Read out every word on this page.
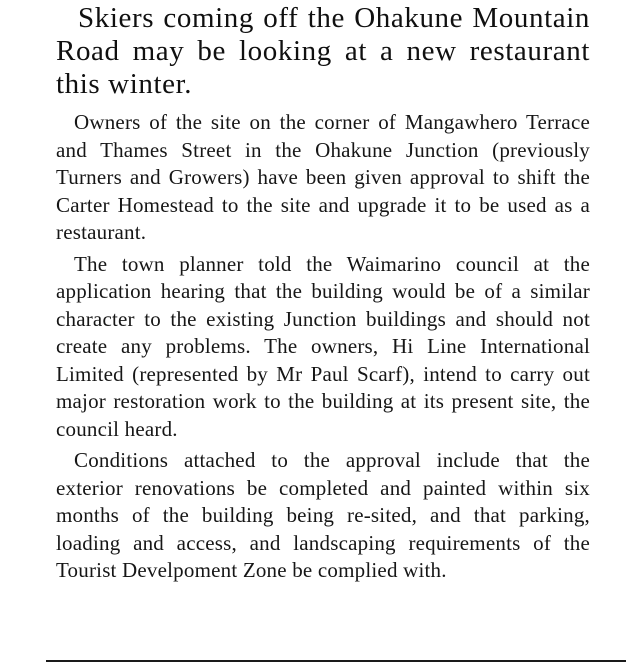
Skiers coming off the Ohakune Mountain Road may be looking at a new restaurant this winter.

Owners of the site on the corner of Mangawhero Terrace and Thames Street in the Ohakune Junction (previously Turners and Growers) have been given approval to shift the Carter Homestead to the site and upgrade it to be used as a restaurant.

The town planner told the Waimarino council at the application hearing that the building would be of a similar character to the existing Junction buildings and should not create any problems. The owners, Hi Line International Limited (represented by Mr Paul Scarf), intend to carry out major restoration work to the building at its present site, the council heard.

Conditions attached to the approval include that the exterior renovations be completed and painted within six months of the building being re-sited, and that parking, loading and access, and landscaping requirements of the Tourist Develpoment Zone be complied with.
